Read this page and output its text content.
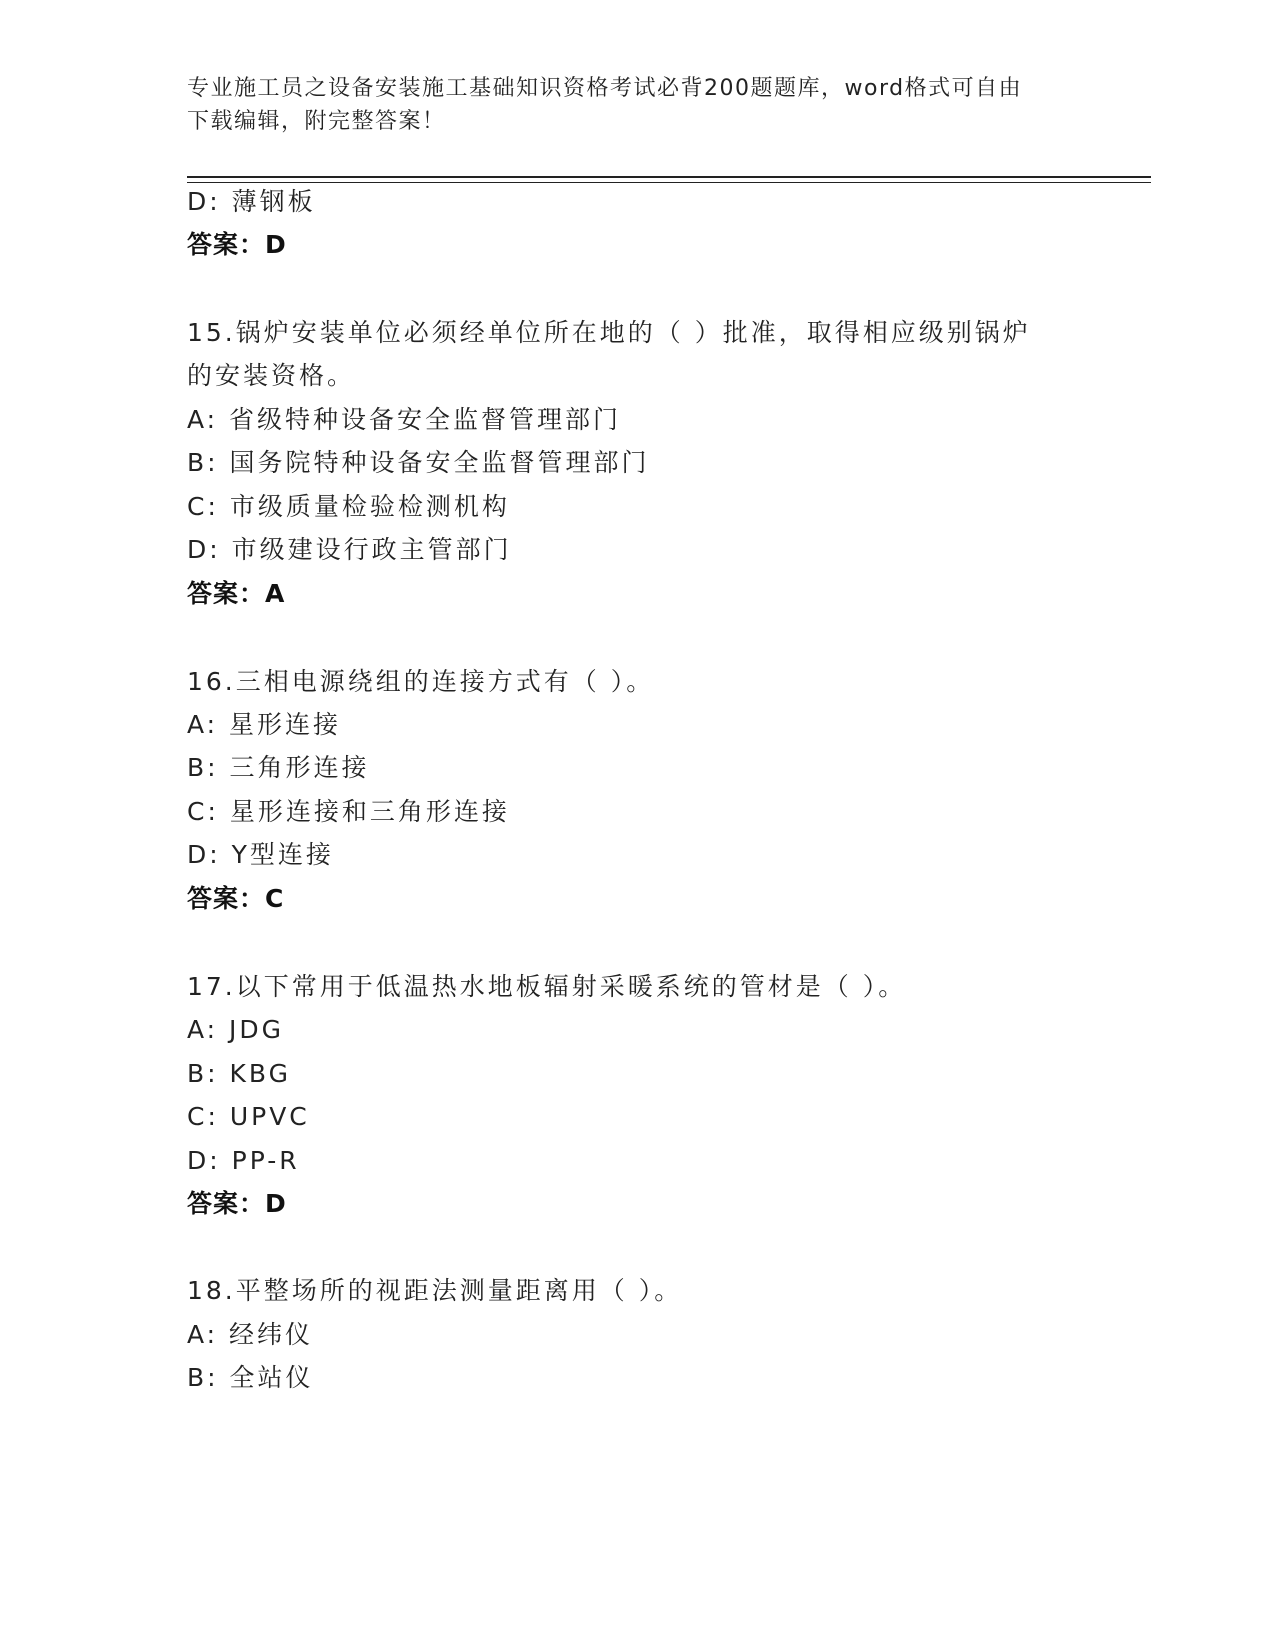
专业施工员之设备安装施工基础知识资格考试必背200题题库，word格式可自由
下载编辑，附完整答案！
D: 薄钢板
答案：D
15.锅炉安装单位必须经单位所在地的（ ）批准，取得相应级别锅炉
的安装资格。
A: 省级特种设备安全监督管理部门
B: 国务院特种设备安全监督管理部门
C: 市级质量检验检测机构
D: 市级建设行政主管部门
答案：A
16.三相电源绕组的连接方式有（ ）。
A: 星形连接
B: 三角形连接
C: 星形连接和三角形连接
D: Y型连接
答案：C
17.以下常用于低温热水地板辐射采暖系统的管材是（ ）。
A: JDG
B: KBG
C: UPVC
D: PP-R
答案：D
18.平整场所的视距法测量距离用（ ）。
A: 经纬仪
B: 全站仪
